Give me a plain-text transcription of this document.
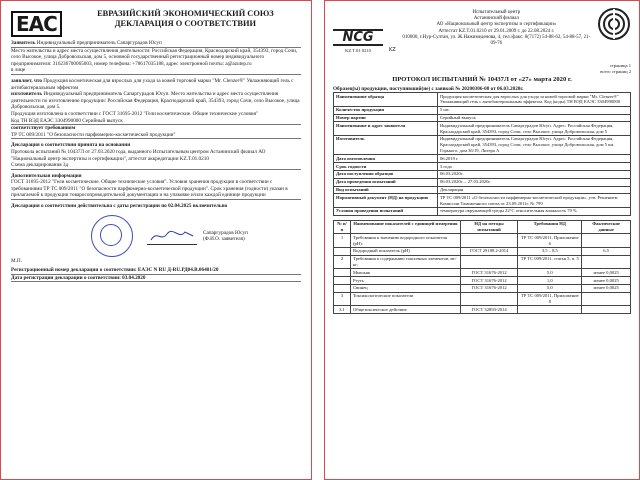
ЕАС	ЕВРАЗИЙСКИЙ ЭКОНОМИЧЕСКИЙ СОЮЗ
ДЕКЛАРАЦИЯ О СООТВЕТСТВИИ

Заявитель Индивидуальный предприниматель Сапаргурадов Юсуп

Место жительства и адрес места осуществления деятельности: Российская Федерация, Краснодарский край, 354393, город Сочи, село Высокое, улица Добровольская, дом 5, основной государственный регистрационный номер индивидуального предпринимателя: 316236700065003, номер телефона: +78617035188, адрес электронной почты: a@azutep.ru

в лице

заявляет, что Продукция косметическая для взрослых для ухода за кожей торговой марки "Mr. Clenzer®" Увлажняющий гель с антибактериальным эффектом

изготовитель Индивидуальный предприниматель Сапаргурадов Юсуп. Место жительства и адрес места осуществления деятельности по изготовлению продукции: Российская Федерация, Краснодарский край, 354393, город Сочи, село Высокое, улица Добровольская, дом 5.

Продукция изготовлена в соответствии с ГОСТ 31695-2012 "Гели косметические. Общие технические условия"

Код ТН ВЭД ЕАЭС 3304990000 Серийный выпуск

соответствует требованиям

ТР ТС 009/2011 "О безопасности парфюмерно-косметической продукции"

Декларация о соответствии принята на основании

Протокола испытаний № 10437Л от 27.03.2020 года, выданного Испытательным центром Астанинский филиал АО "Национальный центр экспертизы и сертификации", аттестат аккредитации KZ.T.01.0210

Схема декларирования 3д

Дополнительная информация

ГОСТ 31695-2012 "Гели косметические. Общие технические условия". Условия хранения продукции в соответствии с требованиями ТР ТС 009/2011 "О безопасности парфюмерно-косметической продукции". Срок хранения (годности) указан в прилагаемой к продукции товаросопроводительной документации и на упаковке и/или каждой единице продукции

Декларация о соответствии действительна с даты регистрации по 02.04.2025 включительно

Сапаргурадов Юсуп
(Ф.И.О. заявителя)

М.П.

Регистрационный номер декларации о соответствии: ЕАЭС N RU Д-RU.РД04.B.06481/20

Дата регистрации декларации о соответствии: 03.04.2020

NCG
KZ.T.01.0210	KZ
Испытательный центр
Астанинский филиал
АО «Национальный центр экспертизы и сертификации»
Аттестат KZ.T.01.0210 от 29.01.2009 г. до 22.08.2024 г.
010000, г.Нур-Султан, ул. Ж.Нажимеденова, 4, тел./факс: 8(7172) 54-88-62, 54-88-57, 21-09-76
страница 1
всего страниц 2
ПРОТОКОЛ ИСПЫТАНИЙ № 10437Л от «27» марта 2020 г.
Образец(ы) продукции, поступивший(ие) с заявкой № 20200306-08 от 06.03.2020г.
Наименование образца	Продукция косметическая для взрослых для ухода за кожей торговой марки "Mr. Clenzer®" Увлажняющий гель с антибактериальным эффектом. Код (коды) ТН ВЭД ЕАЭС 3304990000
Количество продукции	5 шт.
Номер партии	Серийный выпуск
Наименование и адрес заявителя	Индивидуальный предприниматель Сапаргурадов Юсуп. Адрес: Российская Федерация, Краснодарский край, 354393, город Сочи, село Высокое, улица Добровольская, дом 5
Изготовитель	Индивидуальный предприниматель Сапаргурадов Юсуп. Адрес: Российская Федерация, Краснодарский край, 354393, город Сочи, село Высокое, улица Добровольская, дом 5 км. Горького, дом 36/19, Литера А
Дата изготовления	06.2019 г.
Срок годности	3 года
Дата поступления образцов	06.03.2020г.
Дата проведения испытаний	06.03.2020г. – 27.03.2020г.
Вид испытаний	Декларация
Нормативный документ (НД) на продукцию	ТР ТС 009/2011 «О безопасности парфюмерно-косметической продукции», утв. Решением Комиссии Таможенного союза от 23.09.2011г. № 799
Условия проведения испытаний	температура окружающей среды 22°С относительная влажность 70 %
№ п/п	Наименование показателей с единицей измерения	НД на методы испытаний	Требования НД	Фактические данные
1	Требования к значению водородного показателя (рН):		ТР ТС 009/2011, Приложение 6	
	Водородный показатель (рН)	ГОСТ 29188.2-2014	3,5 – 8,5	6,5
2	Требования к содержанию токсичных элементов, мг/кг:		ТР ТС 009/2011, статья 5, п. 5	
	Мышьяк	ГОСТ 31676-2012	5,0	менее 0,0025
	Ртуть	ГОСТ 31676-2012	1,0	менее 0,0025
	Свинец	ГОСТ 31676-2012	5,0	менее 0,0025
3	Токсикологические показатели		ТР ТС 009/2011, Приложение 8	
3.1	Общетоксическое действие	ГОСТ 32893-2014		
